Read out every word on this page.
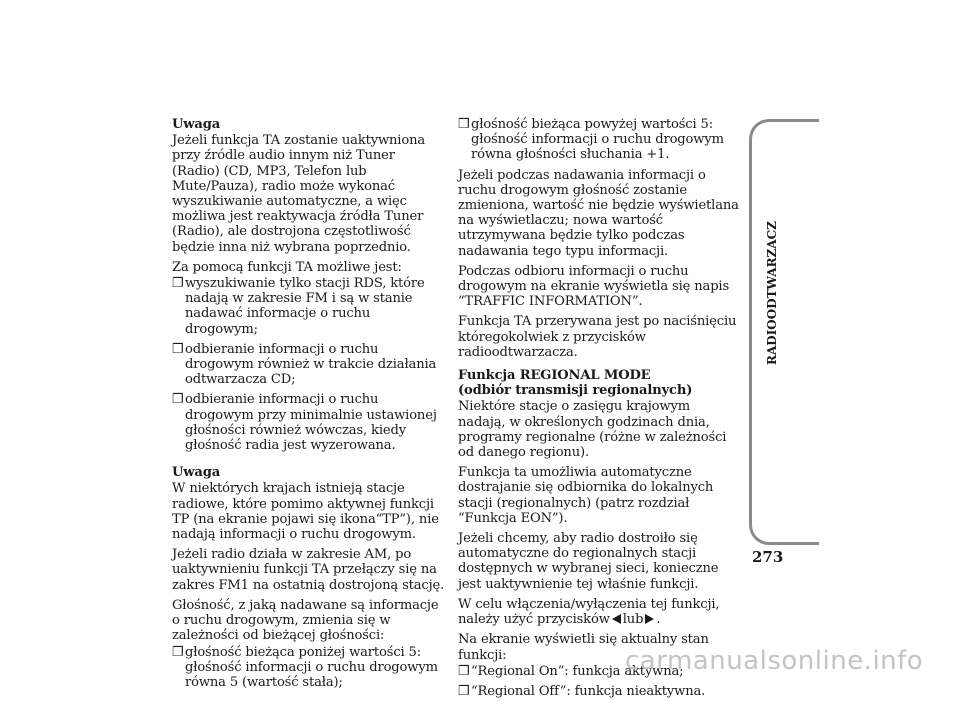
Uwaga

Jeżeli funkcja TA zostanie uaktywniona przy źródle audio innym niż Tuner (Radio) (CD, MP3, Telefon lub Mute/Pauza), radio może wykonać wyszukiwanie automatyczne, a więc możliwa jest reaktywacja źródła Tuner (Radio), ale dostrojona częstotliwość będzie inna niż wybrana poprzednio.

Za pomocą funkcji TA możliwe jest:

❒ wyszukiwanie tylko stacji RDS, które nadają w zakresie FM i są w stanie nadawać informacje o ruchu drogowym;
❒ odbieranie informacji o ruchu drogowym również w trakcie działania odtwarzacza CD;
❒ odbieranie informacji o ruchu drogowym przy minimalnie ustawionej głośności również wówczas, kiedy głośność radia jest wyzerowana.

Uwaga

W niektórych krajach istnieją stacje radiowe, które pomimo aktywnej funkcji TP (na ekranie pojawi się ikona“TP”), nie nadają informacji o ruchu drogowym.

Jeżeli radio działa w zakresie AM, po uaktywnieniu funkcji TA przełączy się na zakres FM1 na ostatnią dostrojoną stację.

Głośność, z jaką nadawane są informacje o ruchu drogowym, zmienia się w zależności od bieżącej głośności:

❒ głośność bieżąca poniżej wartości 5: głośność informacji o ruchu drogowym równa 5 (wartość stała);
❒ głośność bieżąca powyżej wartości 5: głośność informacji o ruchu drogowym równa głośności słuchania +1.

Jeżeli podczas nadawania informacji o ruchu drogowym głośność zostanie zmieniona, wartość nie będzie wyświetlana na wyświetlaczu; nowa wartość utrzymywana będzie tylko podczas nadawania tego typu informacji.

Podczas odbioru informacji o ruchu drogowym na ekranie wyświetla się napis “TRAFFIC INFORMATION”.

Funkcja TA przerywana jest po naciśnięciu któregokolwiek z przycisków radioodtwarzacza.

Funkcja REGIONAL MODE

(odbiór transmisji regionalnych)

Niektóre stacje o zasięgu krajowym nadają, w określonych godzinach dnia, programy regionalne (różne w zależności od danego regionu).

Funkcja ta umożliwia automatyczne dostrajanie się odbiornika do lokalnych stacji (regionalnych) (patrz rozdział “Funkcja EON”).

Jeżeli chcemy, aby radio dostroiło się automatyczne do regionalnych stacji dostępnych w wybranej sieci, konieczne jest uaktywnienie tej właśnie funkcji.

W celu włączenia/wyłączenia tej funkcji, należy użyć przycisków lub .

Na ekranie wyświetli się aktualny stan funkcji:

❒ “Regional On”: funkcja aktywna;
❒ “Regional Off”: funkcja nieaktywna.
RADIOODTWARZACZ
273
carmanualsonline.info
